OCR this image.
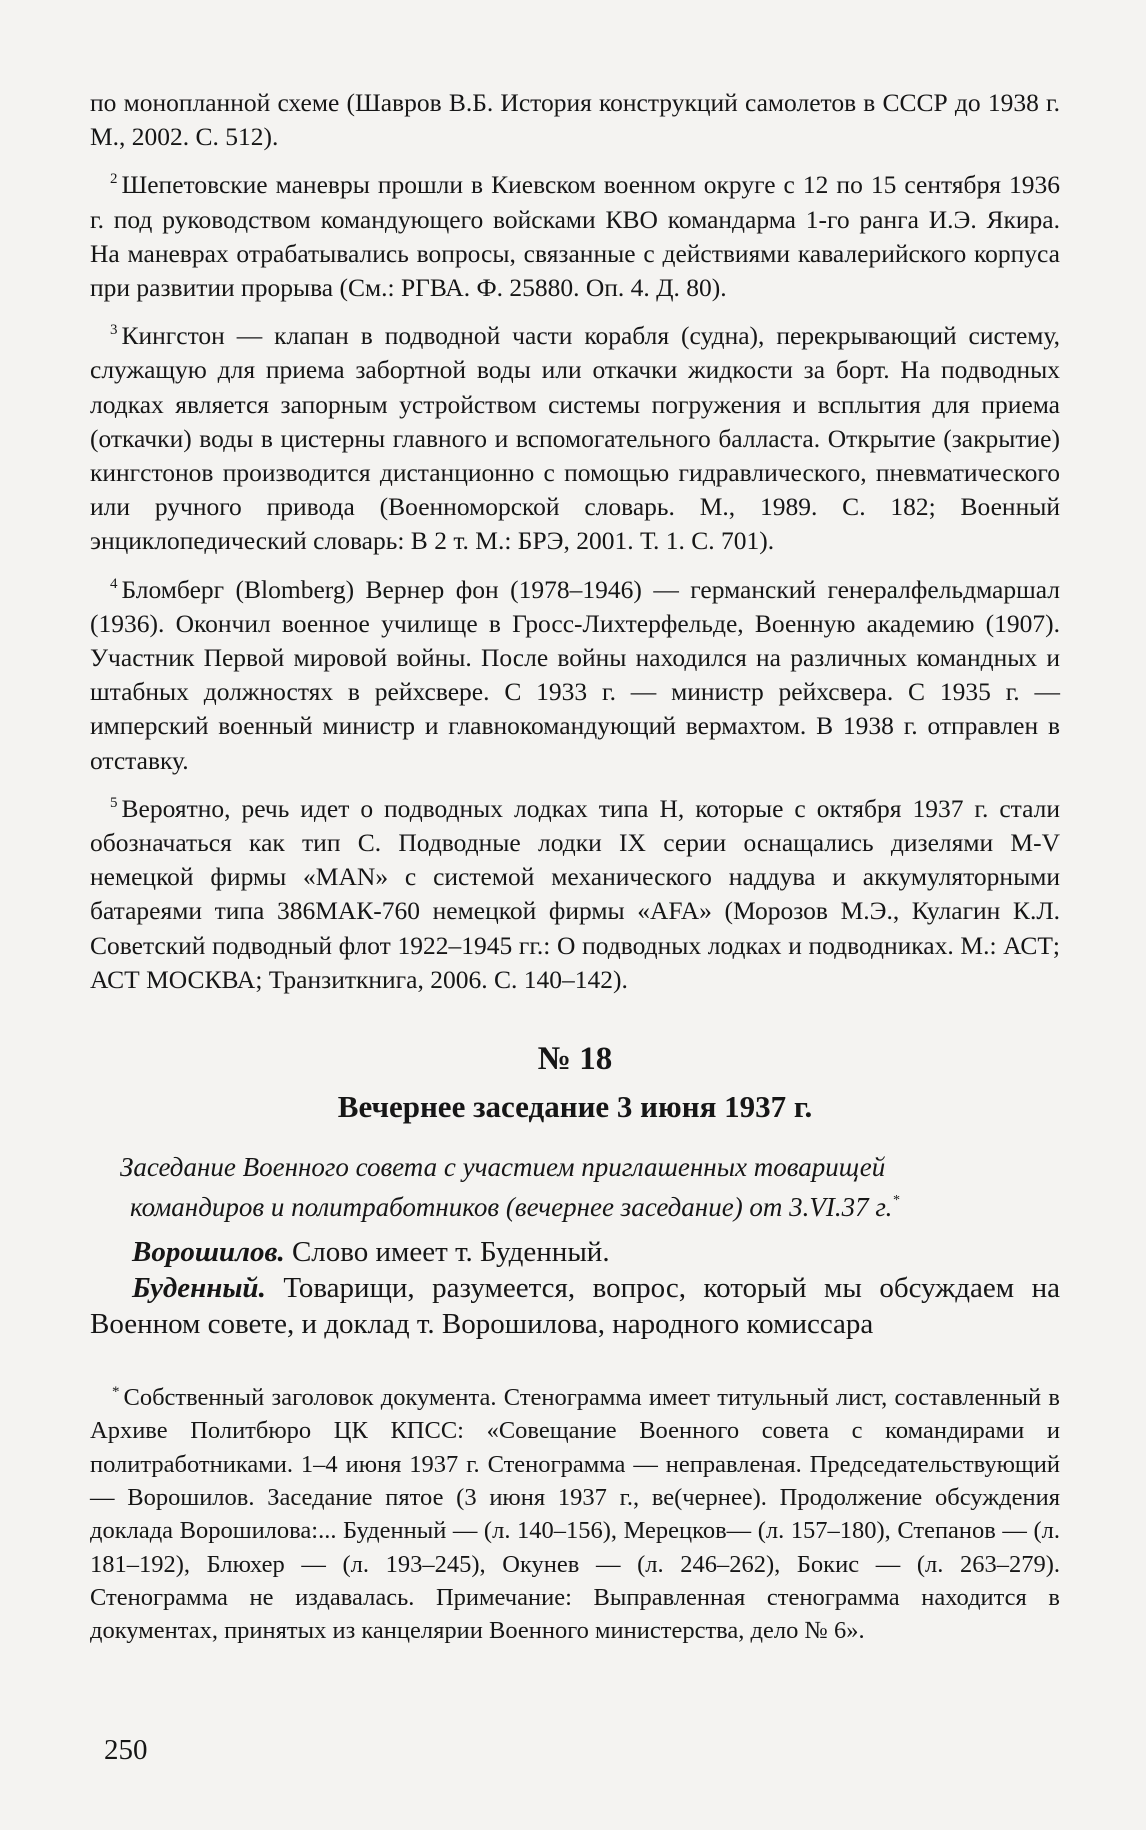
по монопланной схеме (Шавров В.Б. История конструкций самолетов в СССР до 1938 г. М., 2002. С. 512).

$^2$ Шепетовские маневры прошли в Киевском военном округе с 12 по 15 сентября 1936 г. под руководством командующего войсками КВО командарма 1-го ранга И.Э. Якира. На маневрах отрабатывались вопросы, связанные с действиями кавалерийского корпуса при развитии прорыва (См.: РГВА. Ф. 25880. Оп. 4. Д. 80).

$^3$ Кингстон — клапан в подводной части корабля (судна), перекрывающий систему, служащую для приема забортной воды или откачки жидкости за борт. На подводных лодках является запорным устройством системы погружения и всплытия для приема (откачки) воды в цистерны главного и вспомогательного балласта. Открытие (закрытие) кингстонов производится дистанционно с помощью гидравлического, пневматического или ручного привода (Военноморской словарь. М., 1989. С. 182; Военный энциклопедический словарь: В 2 т. М.: БРЭ, 2001. Т. 1. С. 701).

$^4$ Бломберг (Blomberg) Вернер фон (1978–1946) — германский генералфельдмаршал (1936). Окончил военное училище в Гросс-Лихтерфельде, Военную академию (1907). Участник Первой мировой войны. После войны находился на различных командных и штабных должностях в рейхсвере. С 1933 г. — министр рейхсвера. С 1935 г. — имперский военный министр и главнокомандующий вермахтом. В 1938 г. отправлен в отставку.

$^5$ Вероятно, речь идет о подводных лодках типа Н, которые с октября 1937 г. стали обозначаться как тип С. Подводные лодки IX серии оснащались дизелями M-V немецкой фирмы «MAN» с системой механического наддува и аккумуляторными батареями типа 386МАК-760 немецкой фирмы «AFA» (Морозов М.Э., Кулагин К.Л. Советский подводный флот 1922–1945 гг.: О подводных лодках и подводниках. М.: АСТ; АСТ МОСКВА; Транзиткнига, 2006. С. 140–142).

№ 18
Вечернее заседание 3 июня 1937 г.

Заседание Военного совета с участием приглашенных товарищей
командиров и политработников (вечернее заседание) от 3.VI.37 г.*

Ворошилов. Слово имеет т. Буденный.

Буденный. Товарищи, разумеется, вопрос, который мы обсуждаем на Военном совете, и доклад т. Ворошилова, народного комиссара

* Собственный заголовок документа. Стенограмма имеет титульный лист, составленный в Архиве Политбюро ЦК КПСС: «Совещание Военного совета с командирами и политработниками. 1–4 июня 1937 г. Стенограмма — неправленая. Председательствующий — Ворошилов. Заседание пятое (3 июня 1937 г., ве(чернее). Продолжение обсуждения доклада Ворошилова:... Буденный — (л. 140–156), Мерецков— (л. 157–180), Степанов — (л. 181–192), Блюхер — (л. 193–245), Окунев — (л. 246–262), Бокис — (л. 263–279). Стенограмма не издавалась. Примечание: Выправленная стенограмма находится в документах, принятых из канцелярии Военного министерства, дело № 6».

250
